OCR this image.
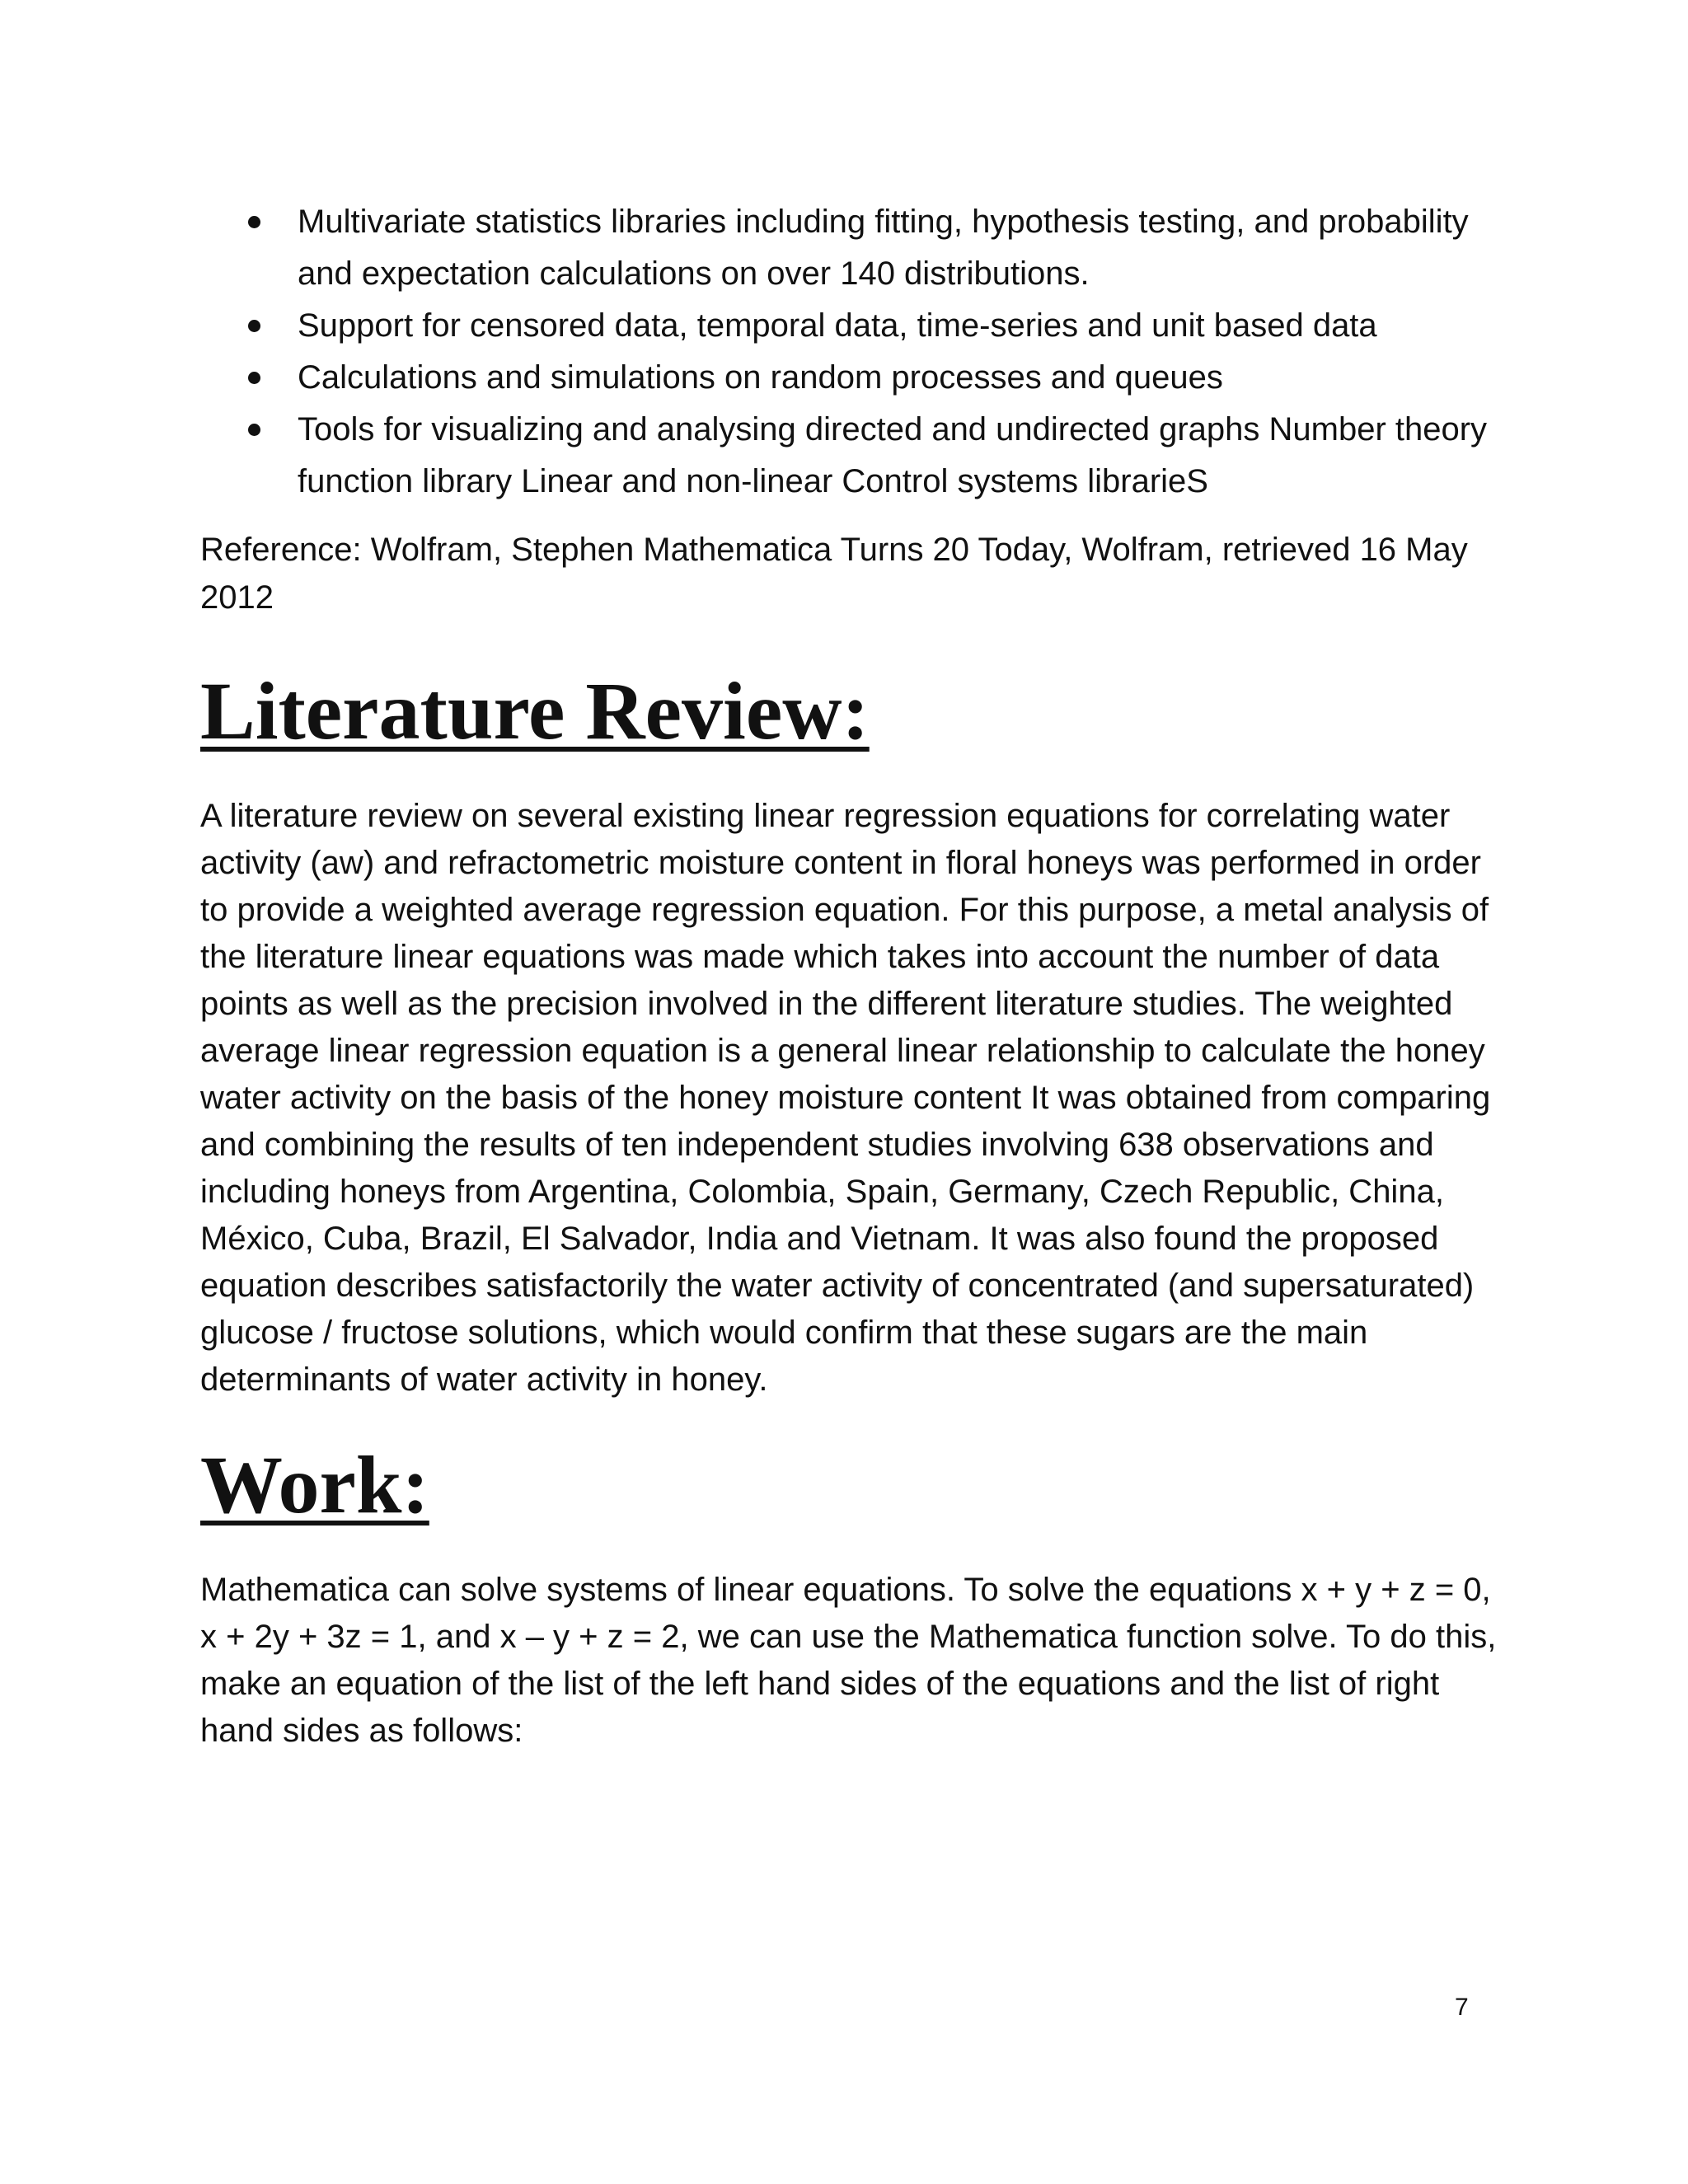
Multivariate statistics libraries including fitting, hypothesis testing, and probability and expectation calculations on over 140 distributions.
Support for censored data, temporal data, time-series and unit based data
Calculations and simulations on random processes and queues
Tools for visualizing and analysing directed and undirected graphs Number theory function library Linear and non-linear Control systems librarieS

Reference: Wolfram, Stephen Mathematica Turns 20 Today, Wolfram, retrieved 16 May 2012

Literature Review:

A literature review on several existing linear regression equations for correlating water activity (aw) and refractometric moisture content in floral honeys was performed in order to provide a weighted average regression equation. For this purpose, a metal analysis of the literature linear equations was made which takes into account the number of data points as well as the precision involved in the different literature studies. The weighted average linear regression equation is a general linear relationship to calculate the honey water activity on the basis of the honey moisture content It was obtained from comparing and combining the results of ten independent studies involving 638 observations and including honeys from Argentina, Colombia, Spain, Germany, Czech Republic, China, México, Cuba, Brazil, El Salvador, India and Vietnam. It was also found the proposed equation describes satisfactorily the water activity of concentrated (and supersaturated) glucose / fructose solutions, which would confirm that these sugars are the main determinants of water activity in honey.

Work:

Mathematica can solve systems of linear equations. To solve the equations x + y + z = 0, x + 2y + 3z = 1, and x – y + z = 2, we can use the Mathematica function solve. To do this, make an equation of the list of the left hand sides of the equations and the list of right hand sides as follows:

7
